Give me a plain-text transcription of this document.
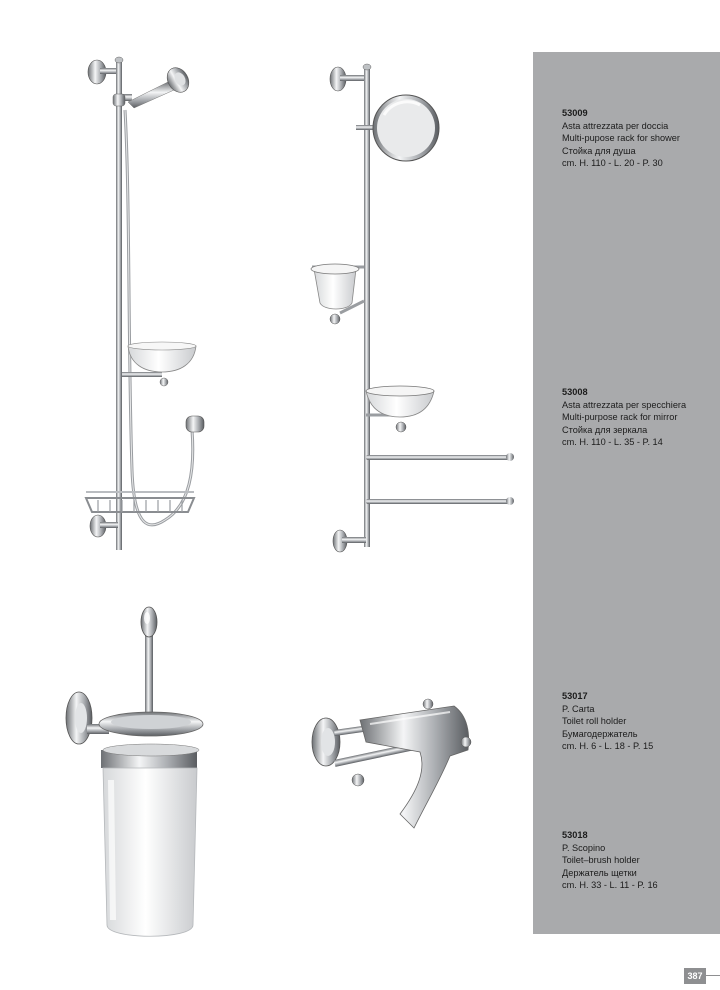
53009
Asta attrezzata per doccia
Multi-pupose rack for shower
Стойка для душа
cm. H. 110 - L. 20 - P. 30
53008
Asta attrezzata per specchiera
Multi-purpose rack for mirror
Стойка для зеркала
cm. H. 110 - L. 35 - P. 14
53017
P. Carta
Toilet roll holder
Бумагодержатель
cm. H. 6 - L. 18 - P. 15
53018
P. Scopino
Toilet–brush holder
Держатель щетки
cm. H. 33 - L. 11 - P. 16
387
